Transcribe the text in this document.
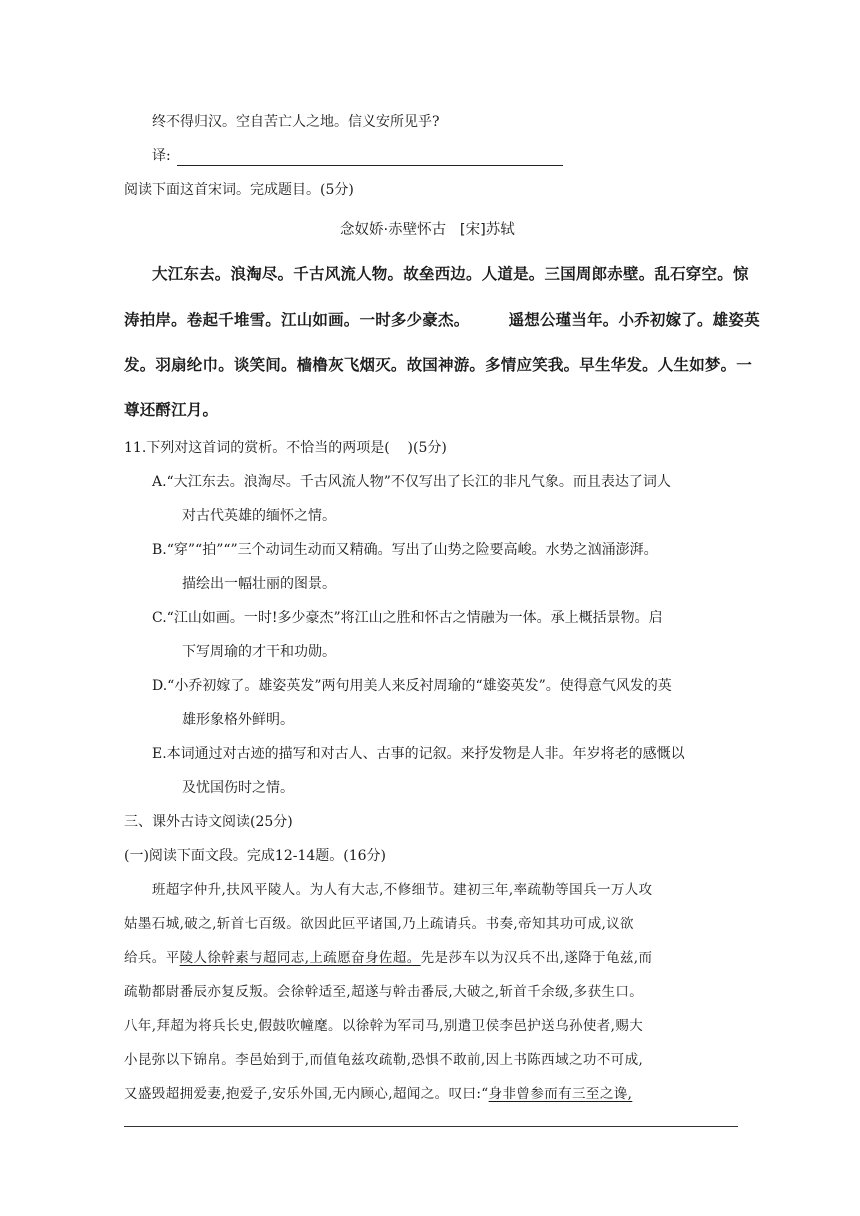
终不得归汉。空自苦亡人之地。信义安所见乎?
译:
阅读下面这首宋词。完成题目。(5分)
念奴娇·赤壁怀古   [宋]苏轼
大江东去。浪淘尽。千古风流人物。故垒西边。人道是。三国周郎赤壁。乱石穿空。惊
涛拍岸。卷起千堆雪。江山如画。一时多少豪杰。       遥想公瑾当年。小乔初嫁了。雄姿英
发。羽扇纶巾。谈笑间。樯橹灰飞烟灭。故国神游。多情应笑我。早生华发。人生如梦。一
尊还酹江月。
11.下列对这首词的赏析。不恰当的两项是(    )(5分)
A.“大江东去。浪淘尽。千古风流人物”不仅写出了长江的非凡气象。而且表达了词人
对古代英雄的缅怀之情。
B.“穿”“拍”“”三个动词生动而又精确。写出了山势之险要高峻。水势之汹涌澎湃。
描绘出一幅壮丽的图景。
C.“江山如画。一时!多少豪杰”将江山之胜和怀古之情融为一体。承上概括景物。启
下写周瑜的才干和功勋。
D.“小乔初嫁了。雄姿英发”两句用美人来反衬周瑜的“雄姿英发”。使得意气风发的英
雄形象格外鲜明。
E.本词通过对古迹的描写和对古人、古事的记叙。来抒发物是人非。年岁将老的感慨以
及忧国伤时之情。
三、课外古诗文阅读(25分)
(一)阅读下面文段。完成12-14题。(16分)
班超字仲升,扶风平陵人。为人有大志,不修细节。建初三年,率疏勒等国兵一万人攻
姑墨石城,破之,斩首七百级。欲因此叵平诸国,乃上疏请兵。书奏,帝知其功可成,议欲
给兵。平陵人徐幹素与超同志,上疏愿奋身佐超。先是莎车以为汉兵不出,遂降于龟兹,而
疏勒都尉番辰亦复反叛。会徐幹适至,超遂与幹击番辰,大破之,斩首千余级,多获生口。
八年,拜超为将兵长史,假鼓吹幢麾。以徐幹为军司马,别遣卫侯李邑护送乌孙使者,赐大
小昆弥以下锦帛。李邑始到于,而值龟兹攻疏勒,恐惧不敢前,因上书陈西域之功不可成,
又盛毁超拥爱妻,抱爱子,安乐外国,无内顾心,超闻之。叹曰:“身非曾参而有三至之谗,
